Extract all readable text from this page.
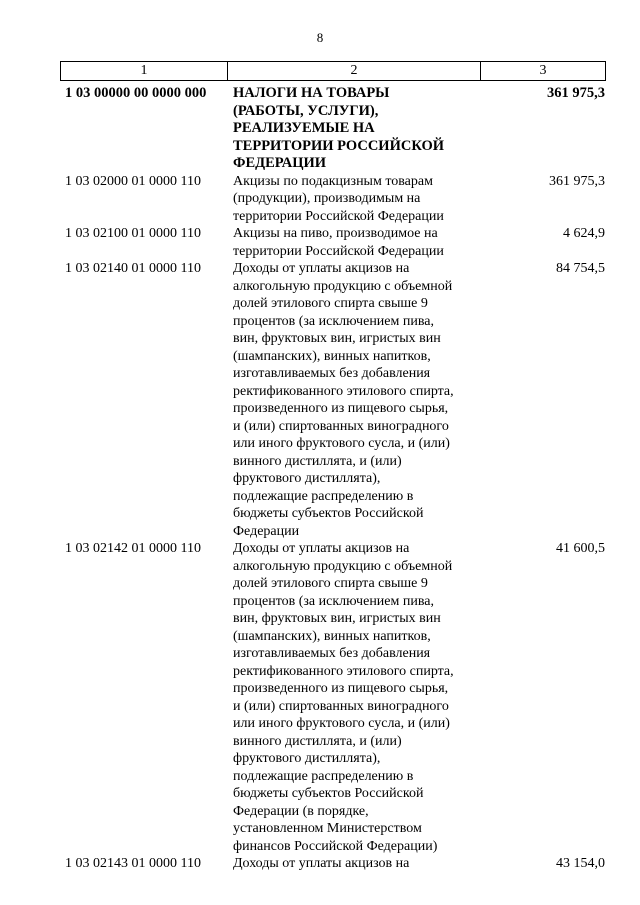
8
1	2	3
1 03 00000 00 0000 000	НАЛОГИ НА ТОВАРЫ
(РАБОТЫ, УСЛУГИ),
РЕАЛИЗУЕМЫЕ НА
ТЕРРИТОРИИ РОССИЙСКОЙ
ФЕДЕРАЦИИ
361 975,3
1 03 02000 01 0000 110	Акцизы по подакцизным товарам
(продукции), производимым на
территории Российской Федерации
361 975,3
1 03 02100 01 0000 110	Акцизы на пиво, производимое на
территории Российской Федерации
4 624,9
1 03 02140 01 0000 110	Доходы от уплаты акцизов на
алкогольную продукцию с объемной
долей этилового спирта свыше 9
процентов (за исключением пива,
вин, фруктовых вин, игристых вин
(шампанских), винных напитков,
изготавливаемых без добавления
ректификованного этилового спирта,
произведенного из пищевого сырья,
и (или) спиртованных виноградного
или иного фруктового сусла, и (или)
винного дистиллята, и (или)
фруктового дистиллята),
подлежащие распределению в
бюджеты субъектов Российской
Федерации
84 754,5
1 03 02142 01 0000 110	Доходы от уплаты акцизов на
алкогольную продукцию с объемной
долей этилового спирта свыше 9
процентов (за исключением пива,
вин, фруктовых вин, игристых вин
(шампанских), винных напитков,
изготавливаемых без добавления
ректификованного этилового спирта,
произведенного из пищевого сырья,
и (или) спиртованных виноградного
или иного фруктового сусла, и (или)
винного дистиллята, и (или)
фруктового дистиллята),
подлежащие распределению в
бюджеты субъектов Российской
Федерации (в порядке,
установленном Министерством
финансов Российской Федерации)
41 600,5
1 03 02143 01 0000 110	Доходы от уплаты акцизов на	43 154,0
